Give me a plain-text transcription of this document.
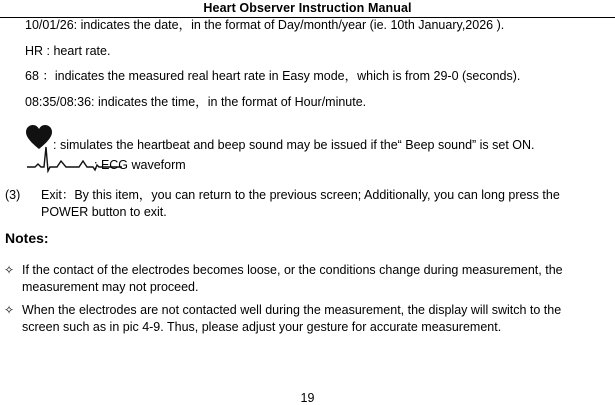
Heart Observer Instruction Manual
10/01/26: indicates the date，in the format of Day/month/year (ie. 10th January,2026 ).
HR : heart rate.
68 ：indicates the measured real heart rate in Easy mode，which is from 29-0 (seconds).
08:35/08:36: indicates the time，in the format of Hour/minute.
: simulates the heartbeat and beep sound may be issued if the“ Beep sound” is set ON.
: ECG waveform
(3) Exit：By this item，you can return to the previous screen; Additionally, you can long press the
POWER button to exit.
Notes:
✧ If the contact of the electrodes becomes loose, or the conditions change during measurement, the
measurement may not proceed.
✧ When the electrodes are not contacted well during the measurement, the display will switch to the
screen such as in pic 4-9. Thus, please adjust your gesture for accurate measurement.
19
